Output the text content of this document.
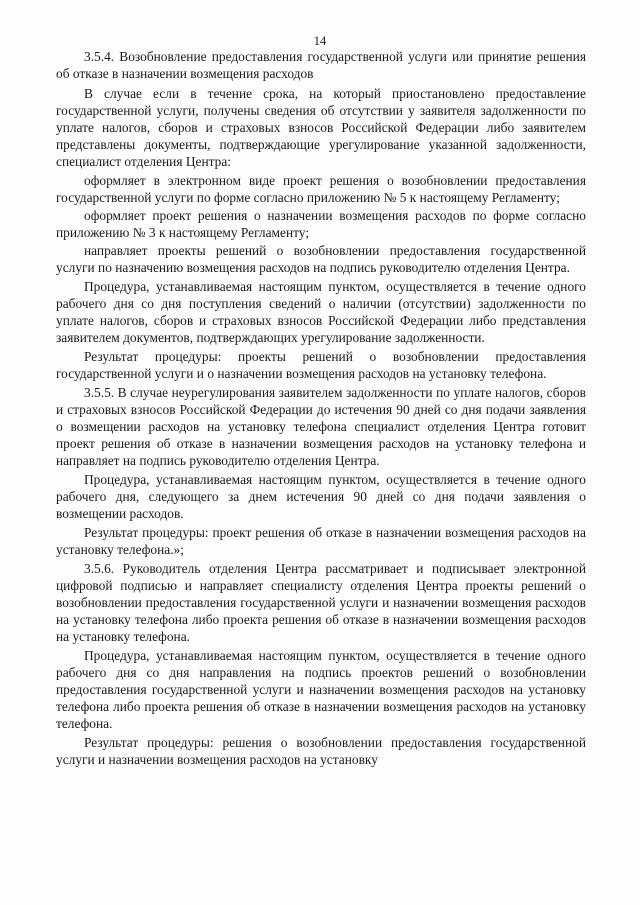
14

3.5.4. Возобновление предоставления государственной услуги или принятие решения об отказе в назначении возмещения расходов

В случае если в течение срока, на который приостановлено предоставление государственной услуги, получены сведения об отсутствии у заявителя задолженности по уплате налогов, сборов и страховых взносов Российской Федерации либо заявителем представлены документы, подтверждающие урегулирование указанной задолженности, специалист отделения Центра:

оформляет в электронном виде проект решения о возобновлении предоставления государственной услуги по форме согласно приложению № 5 к настоящему Регламенту;

оформляет проект решения о назначении возмещения расходов по форме согласно приложению № 3 к настоящему Регламенту;

направляет проекты решений о возобновлении предоставления государственной услуги по назначению возмещения расходов на подпись руководителю отделения Центра.

Процедура, устанавливаемая настоящим пунктом, осуществляется в течение одного рабочего дня со дня поступления сведений о наличии (отсутствии) задолженности по уплате налогов, сборов и страховых взносов Российской Федерации либо представления заявителем документов, подтверждающих урегулирование задолженности.

Результат процедуры: проекты решений о возобновлении предоставления государственной услуги и о назначении возмещения расходов на установку телефона.

3.5.5. В случае неурегулирования заявителем задолженности по уплате налогов, сборов и страховых взносов Российской Федерации до истечения 90 дней со дня подачи заявления о возмещении расходов на установку телефона специалист отделения Центра готовит проект решения об отказе в назначении возмещения расходов на установку телефона и направляет на подпись руководителю отделения Центра.

Процедура, устанавливаемая настоящим пунктом, осуществляется в течение одного рабочего дня, следующего за днем истечения 90 дней со дня подачи заявления о возмещении расходов.

Результат процедуры: проект решения об отказе в назначении возмещения расходов на установку телефона.»;

3.5.6. Руководитель отделения Центра рассматривает и подписывает электронной цифровой подписью и направляет специалисту отделения Центра проекты решений о возобновлении предоставления государственной услуги и назначении возмещения расходов на установку телефона либо проекта решения об отказе в назначении возмещения расходов на установку телефона.

Процедура, устанавливаемая настоящим пунктом, осуществляется в течение одного рабочего дня со дня направления на подпись проектов решений о возобновлении предоставления государственной услуги и назначении возмещения расходов на установку телефона либо проекта решения об отказе в назначении возмещения расходов на установку телефона.

Результат процедуры: решения о возобновлении предоставления государственной услуги и назначении возмещения расходов на установку
